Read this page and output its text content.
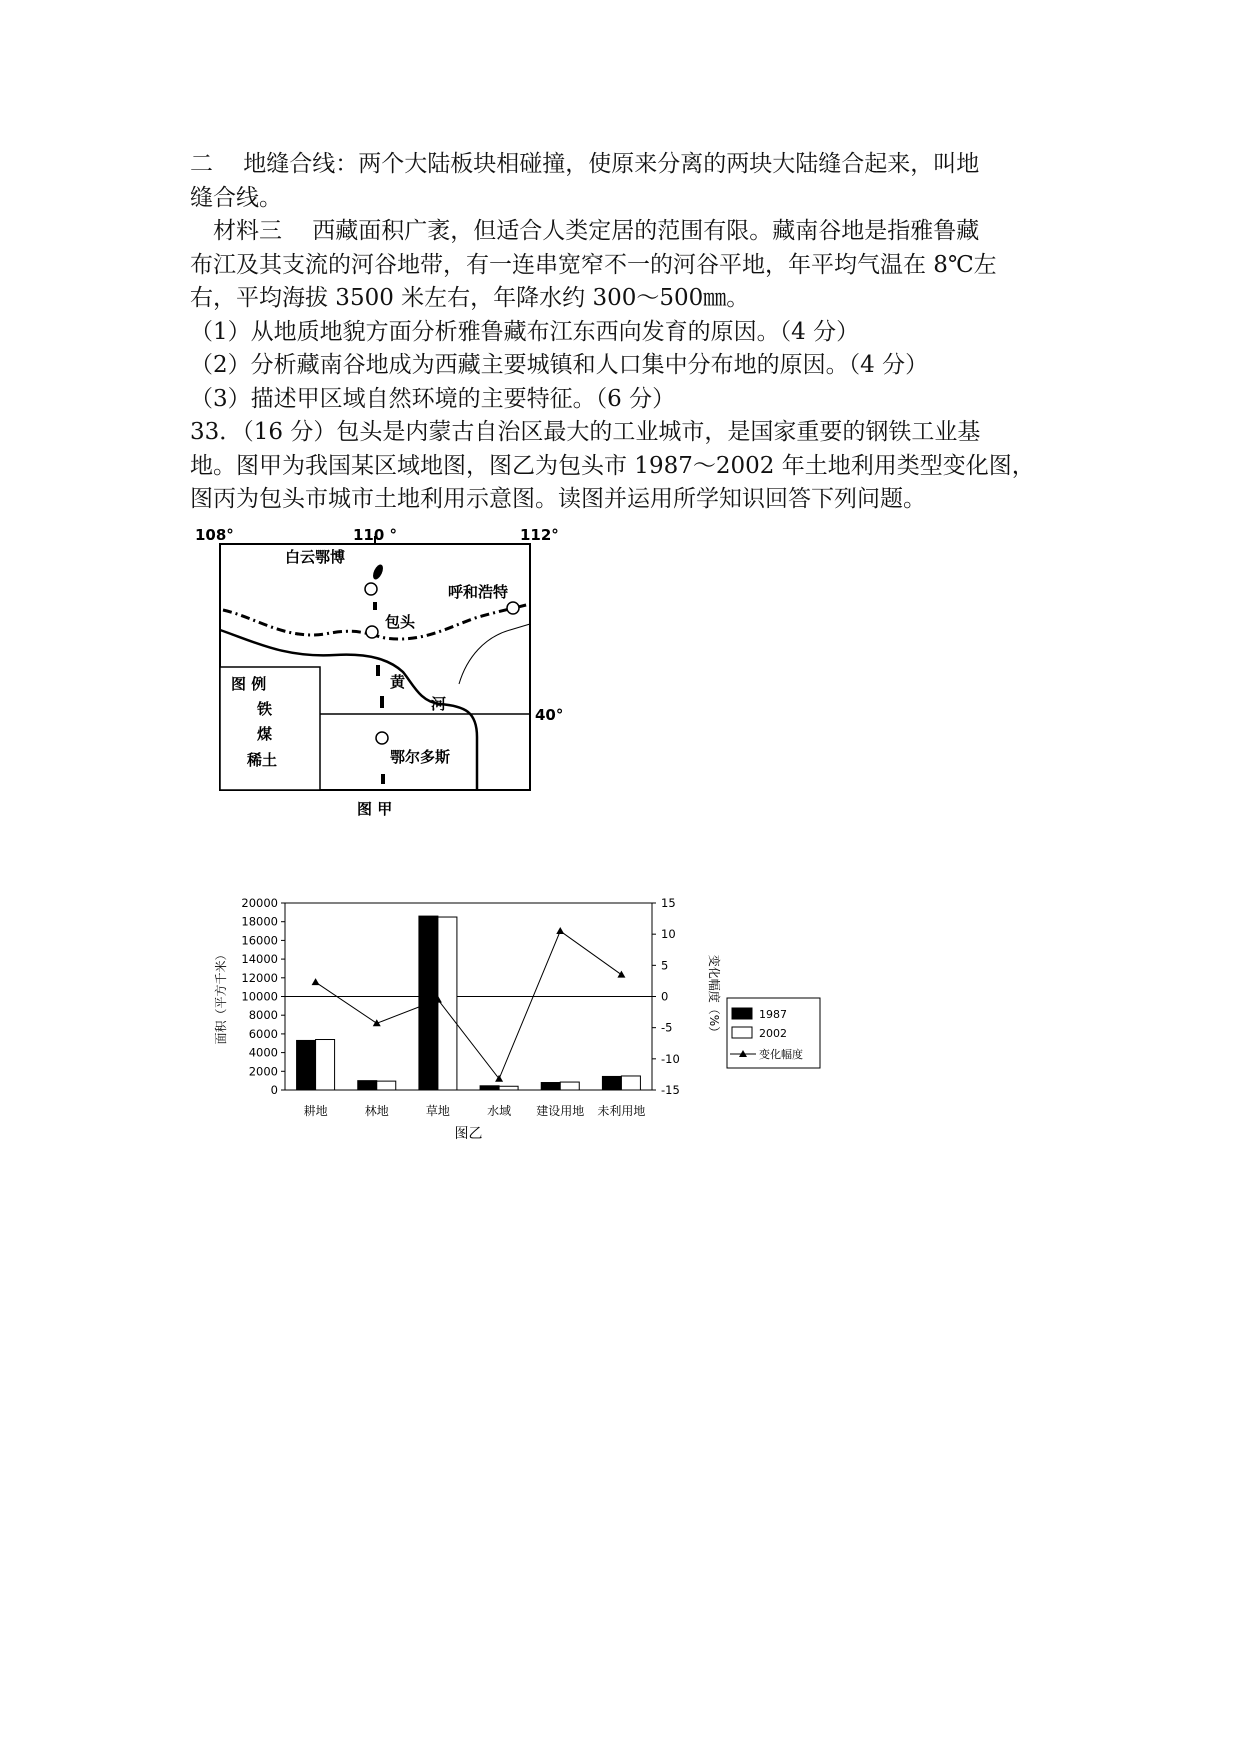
二　 地缝合线：两个大陆板块相碰撞，使原来分离的两块大陆缝合起来，叫地
缝合线。
　材料三　 西藏面积广袤，但适合人类定居的范围有限。藏南谷地是指雅鲁藏
布江及其支流的河谷地带，有一连串宽窄不一的河谷平地，年平均气温在 8℃左
右，平均海拔 3500 米左右，年降水约 300～500㎜。
（1）从地质地貌方面分析雅鲁藏布江东西向发育的原因。（4 分）
（2）分析藏南谷地成为西藏主要城镇和人口集中分布地的原因。（4 分）
（3）描述甲区域自然环境的主要特征。（6 分）
33．（16 分）包头是内蒙古自治区最大的工业城市，是国家重要的钢铁工业基
地。图甲为我国某区域地图，图乙为包头市 1987～2002 年土地利用类型变化图，
图丙为包头市城市土地利用示意图。读图并运用所学知识回答下列问题。
108°	110 °	112°
40°
图 例
铁
煤
稀土
白云鄂博
包头
呼和浩特
黄
河
鄂尔多斯
图 甲
0
2000
4000
6000
8000
10000
12000
14000
16000
18000
20000
-15
-10
-5
0
5
10
15
耕地	林地	草地	水域 建设用地 未利用地
面积（平方千米）	变化幅度（%）
图乙
1987
2002
变化幅度
